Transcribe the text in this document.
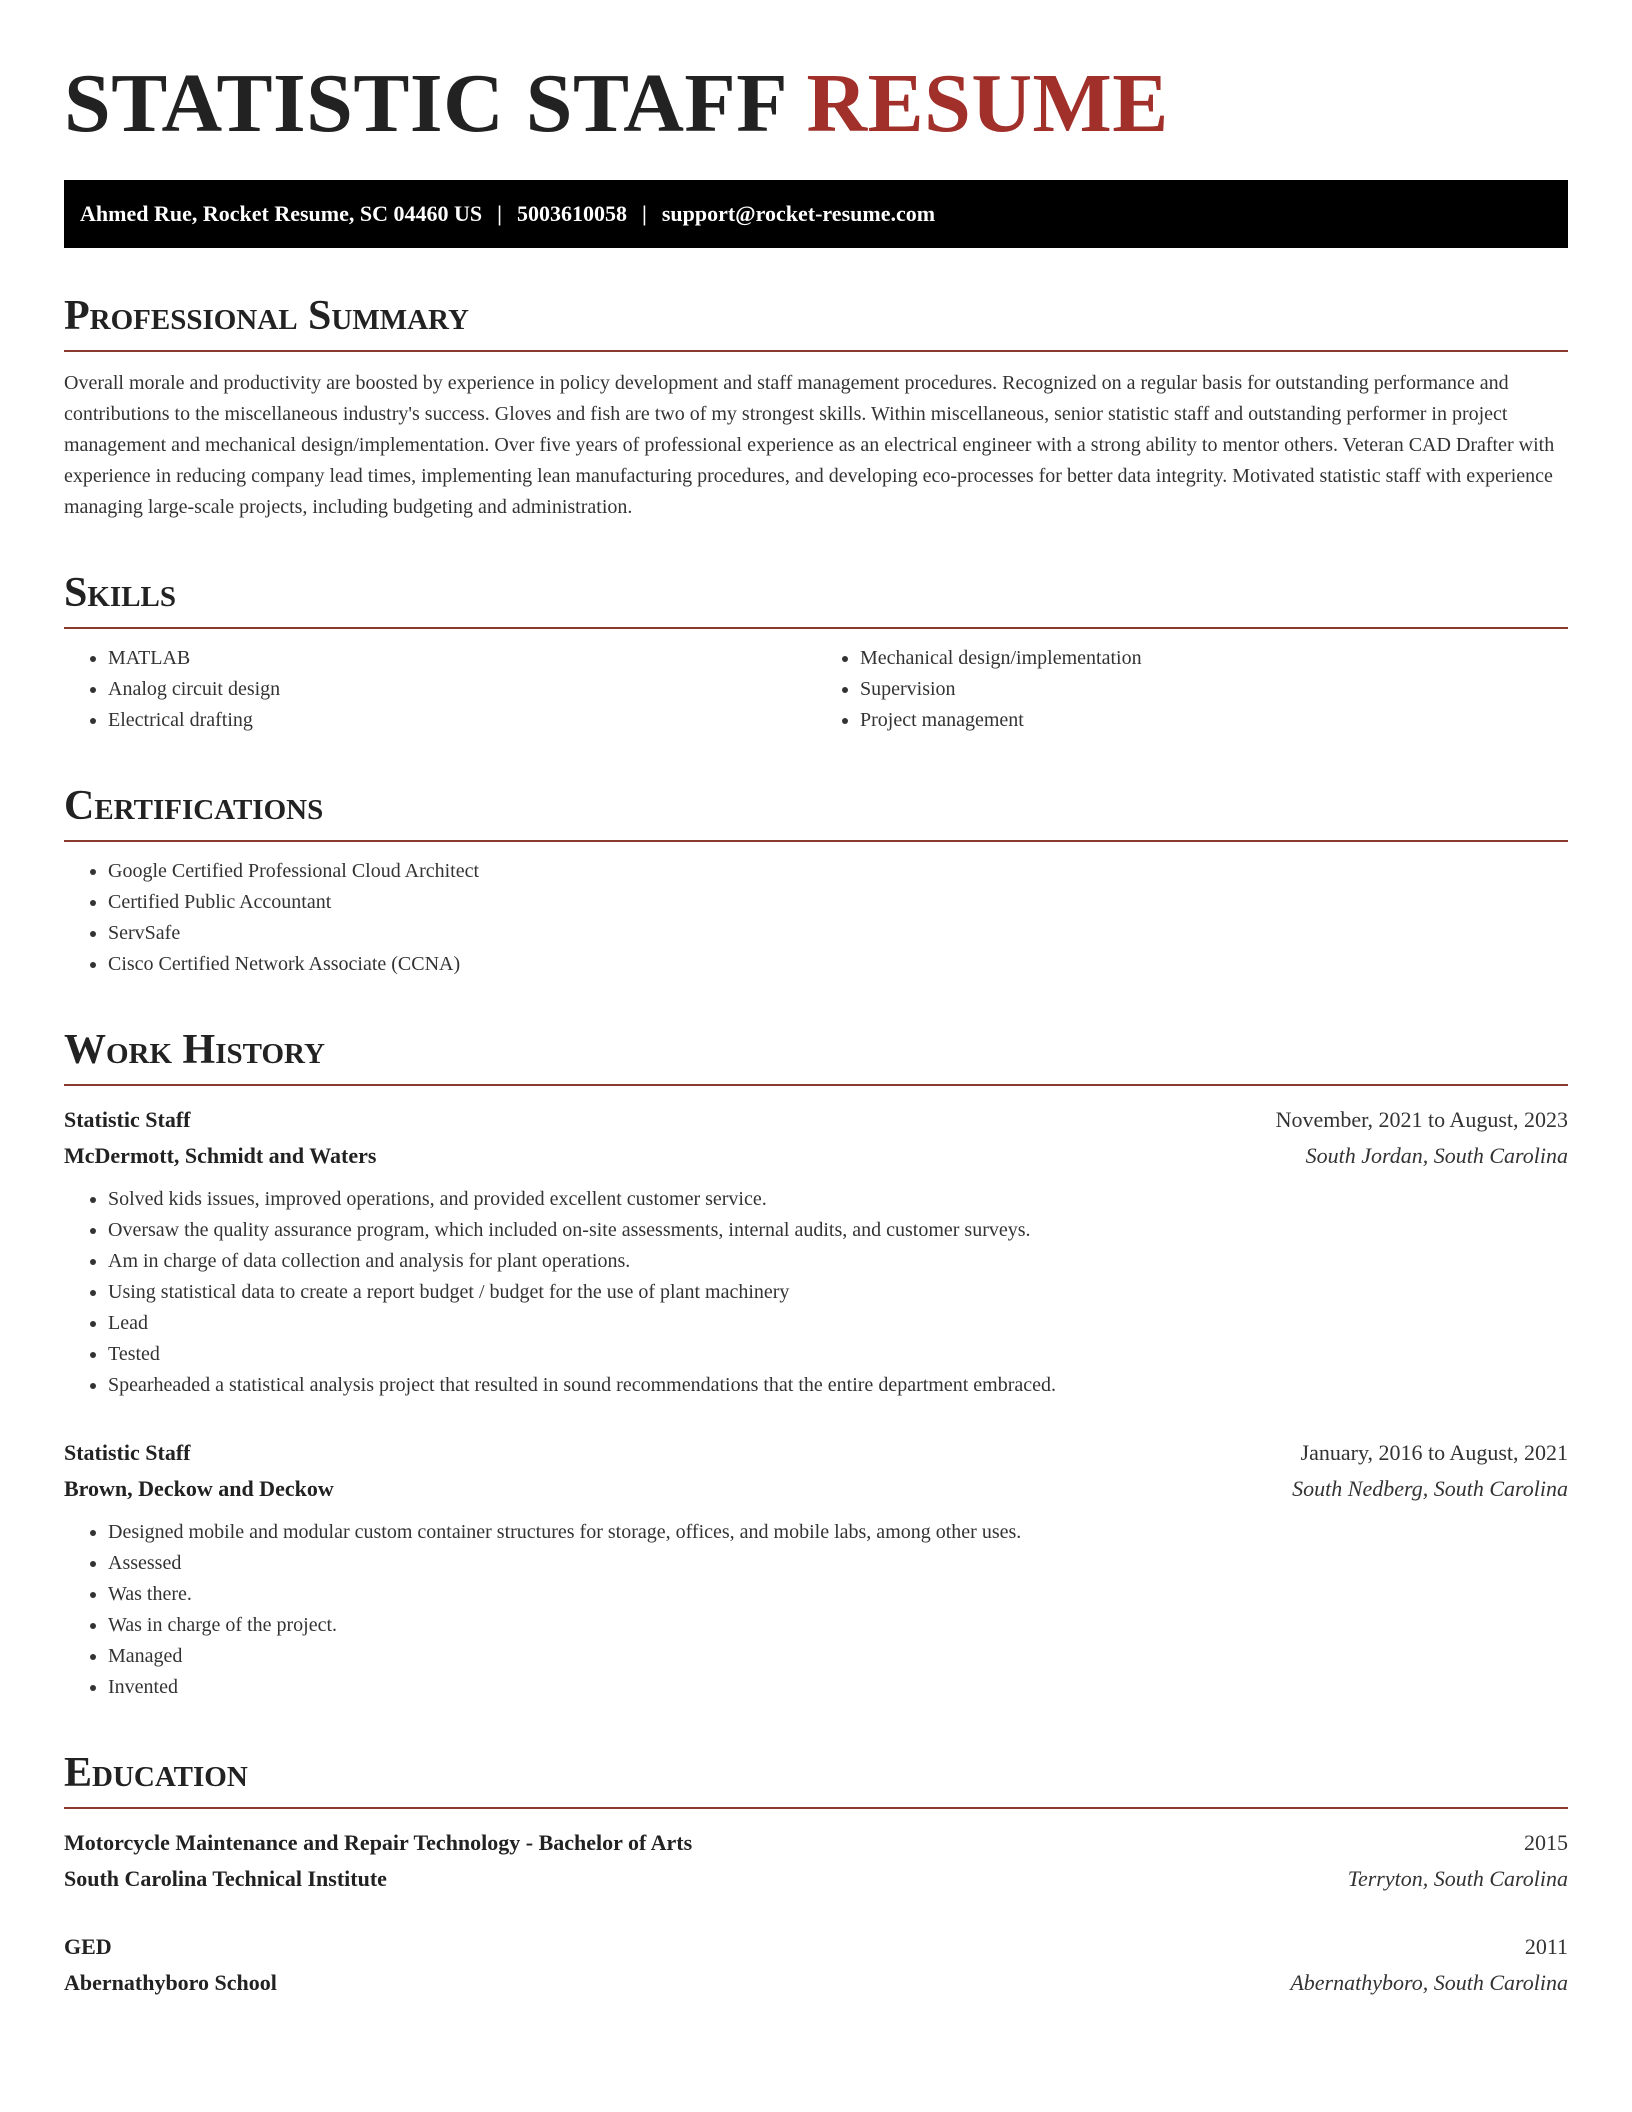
STATISTIC STAFF RESUME
Ahmed Rue, Rocket Resume, SC 04460 US | 5003610058 | support@rocket-resume.com
Professional Summary

Overall morale and productivity are boosted by experience in policy development and staff management procedures. Recognized on a regular basis for outstanding performance and contributions to the miscellaneous industry's success. Gloves and fish are two of my strongest skills. Within miscellaneous, senior statistic staff and outstanding performer in project management and mechanical design/implementation. Over five years of professional experience as an electrical engineer with a strong ability to mentor others. Veteran CAD Drafter with experience in reducing company lead times, implementing lean manufacturing procedures, and developing eco-processes for better data integrity. Motivated statistic staff with experience managing large-scale projects, including budgeting and administration.

Skills
• MATLAB
• Analog circuit design
• Electrical drafting
• Mechanical design/implementation
• Supervision
• Project management
Certifications
• Google Certified Professional Cloud Architect
• Certified Public Accountant
• ServSafe
• Cisco Certified Network Associate (CCNA)
Work History
Statistic Staff	November, 2021 to August, 2023
McDermott, Schmidt and Waters	South Jordan, South Carolina
• Solved kids issues, improved operations, and provided excellent customer service.
• Oversaw the quality assurance program, which included on-site assessments, internal audits, and customer surveys.
• Am in charge of data collection and analysis for plant operations.
• Using statistical data to create a report budget / budget for the use of plant machinery
• Lead
• Tested
• Spearheaded a statistical analysis project that resulted in sound recommendations that the entire department embraced.
Statistic Staff	January, 2016 to August, 2021
Brown, Deckow and Deckow	South Nedberg, South Carolina
• Designed mobile and modular custom container structures for storage, offices, and mobile labs, among other uses.
• Assessed
• Was there.
• Was in charge of the project.
• Managed
• Invented
Education
Motorcycle Maintenance and Repair Technology - Bachelor of Arts	2015
South Carolina Technical Institute	Terryton, South Carolina
GED	2011
Abernathyboro School	Abernathyboro, South Carolina
